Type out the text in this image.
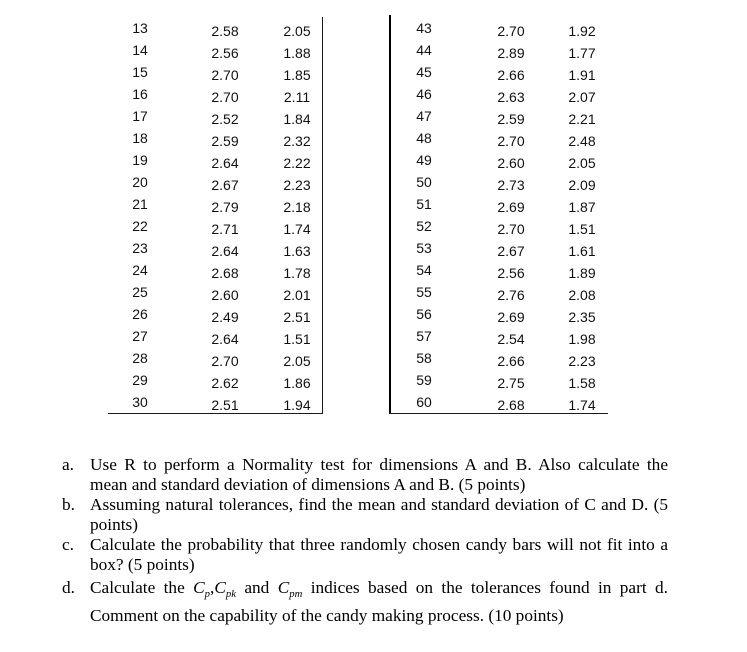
13	2.58	2.05
14	2.56	1.88
15	2.70	1.85
16	2.70	2.11
17	2.52	1.84
18	2.59	2.32
19	2.64	2.22
20	2.67	2.23
21	2.79	2.18
22	2.71	1.74
23	2.64	1.63
24	2.68	1.78
25	2.60	2.01
26	2.49	2.51
27	2.64	1.51
28	2.70	2.05
29	2.62	1.86
30	2.51	1.94
43	2.70	1.92
44	2.89	1.77
45	2.66	1.91
46	2.63	2.07
47	2.59	2.21
48	2.70	2.48
49	2.60	2.05
50	2.73	2.09
51	2.69	1.87
52	2.70	1.51
53	2.67	1.61
54	2.56	1.89
55	2.76	2.08
56	2.69	2.35
57	2.54	1.98
58	2.66	2.23
59	2.75	1.58
60	2.68	1.74
a. Use R to perform a Normality test for dimensions A and B. Also calculate the
mean and standard deviation of dimensions A and B. (5 points)
b. Assuming natural tolerances, find the mean and standard deviation of C and D. (5
points)
c. Calculate the probability that three randomly chosen candy bars will not fit into a
box? (5 points)
d. Calculate the $C_p,C_{pk}$ and $C_{pm}$ indices based on the tolerances found in part d.
Comment on the capability of the candy making process. (10 points)
